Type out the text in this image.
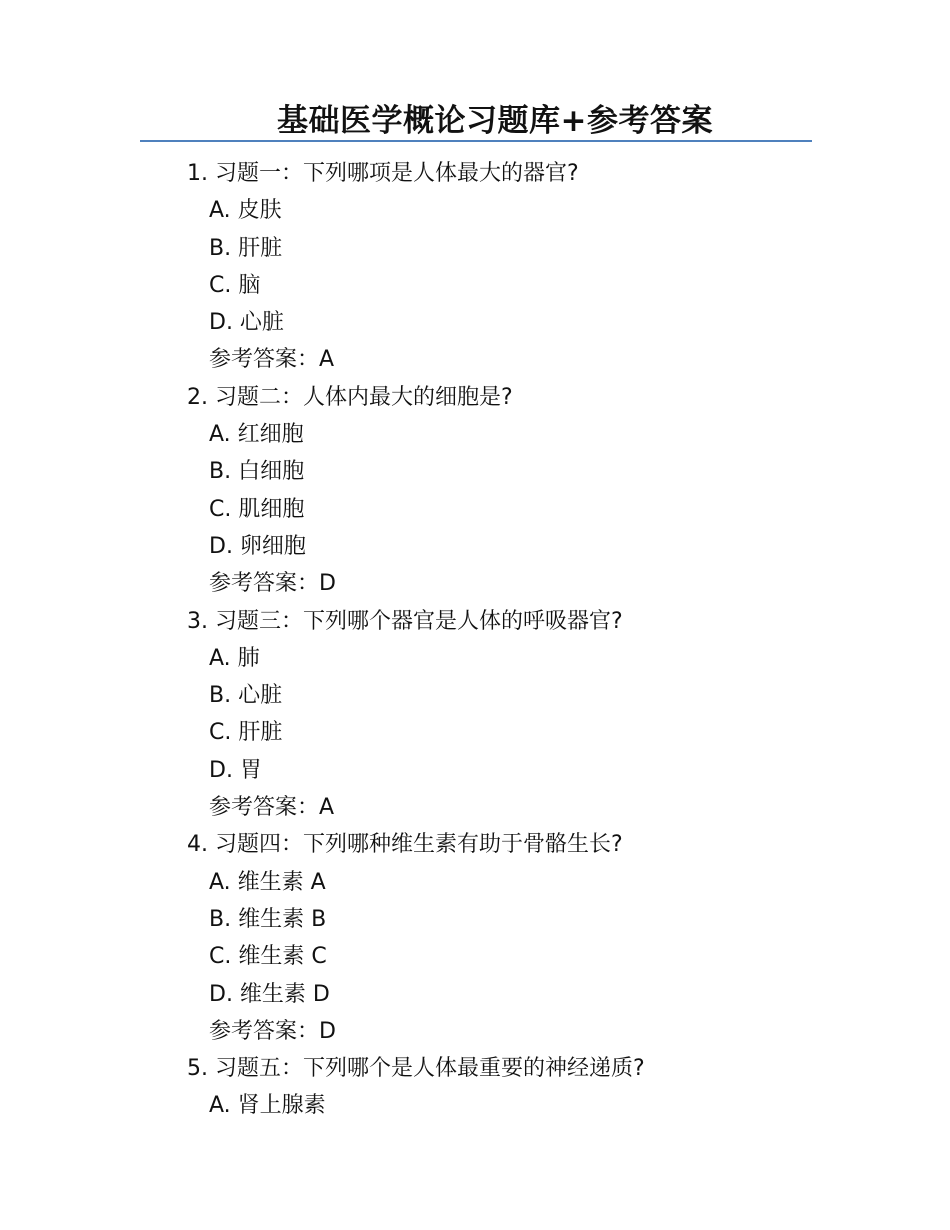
基础医学概论习题库+参考答案
1. 习题一：下列哪项是人体最大的器官?
A. 皮肤
B. 肝脏
C. 脑
D. 心脏
参考答案：A
2. 习题二：人体内最大的细胞是?
A. 红细胞
B. 白细胞
C. 肌细胞
D. 卵细胞
参考答案：D
3. 习题三：下列哪个器官是人体的呼吸器官?
A. 肺
B. 心脏
C. 肝脏
D. 胃
参考答案：A
4. 习题四：下列哪种维生素有助于骨骼生长?
A. 维生素 A
B. 维生素 B
C. 维生素 C
D. 维生素 D
参考答案：D
5. 习题五：下列哪个是人体最重要的神经递质?
A. 肾上腺素
